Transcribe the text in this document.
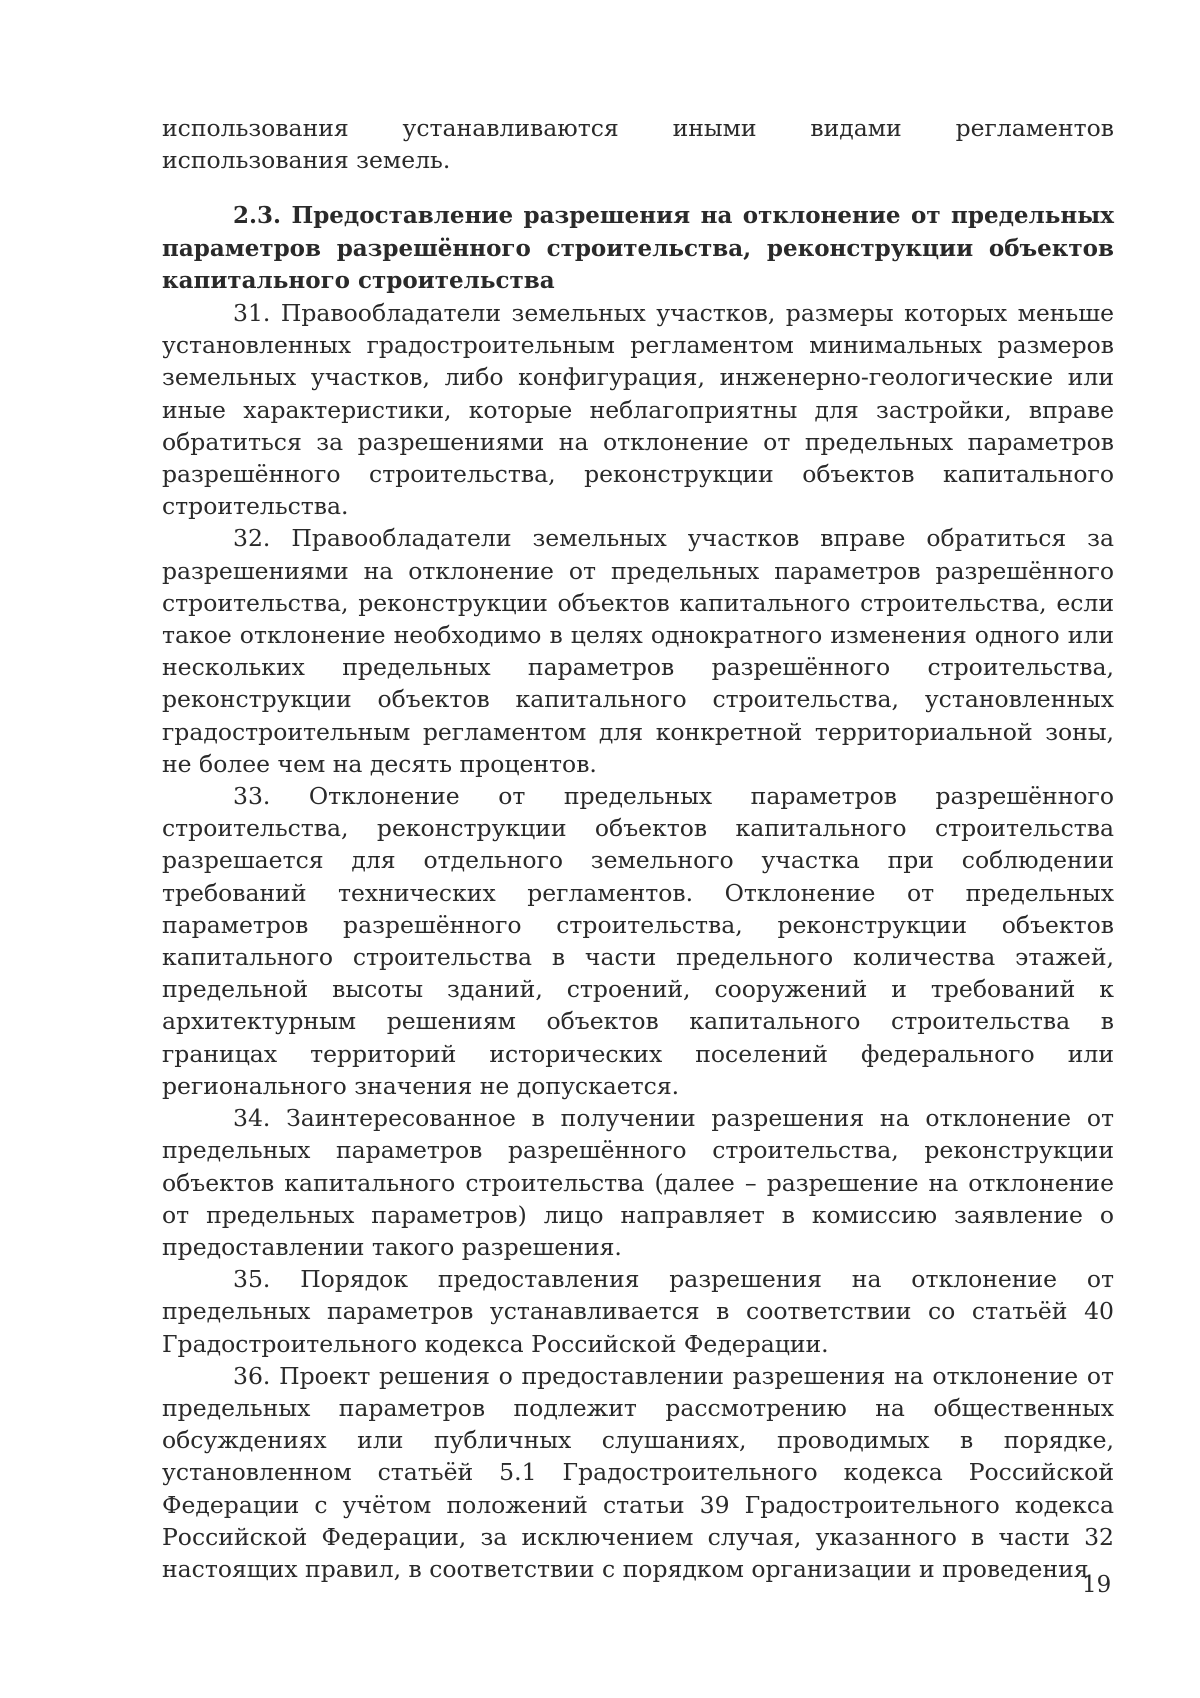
использования устанавливаются иными видами регламентов использования земель.

2.3. Предоставление разрешения на отклонение от предельных параметров разрешённого строительства, реконструкции объектов капитального строительства

31. Правообладатели земельных участков, размеры которых меньше установленных градостроительным регламентом минимальных размеров земельных участков, либо конфигурация, инженерно-геологические или иные характеристики, которые неблагоприятны для застройки, вправе обратиться за разрешениями на отклонение от предельных параметров разрешённого строительства, реконструкции объектов капитального строительства.

32. Правообладатели земельных участков вправе обратиться за разрешениями на отклонение от предельных параметров разрешённого строительства, реконструкции объектов капитального строительства, если такое отклонение необходимо в целях однократного изменения одного или нескольких предельных параметров разрешённого строительства, реконструкции объектов капитального строительства, установленных градостроительным регламентом для конкретной территориальной зоны, не более чем на десять процентов.

33. Отклонение от предельных параметров разрешённого строительства, реконструкции объектов капитального строительства разрешается для отдельного земельного участка при соблюдении требований технических регламентов. Отклонение от предельных параметров разрешённого строительства, реконструкции объектов капитального строительства в части предельного количества этажей, предельной высоты зданий, строений, сооружений и требований к архитектурным решениям объектов капитального строительства в границах территорий исторических поселений федерального или регионального значения не допускается.

34. Заинтересованное в получении разрешения на отклонение от предельных параметров разрешённого строительства, реконструкции объектов капитального строительства (далее – разрешение на отклонение от предельных параметров) лицо направляет в комиссию заявление о предоставлении такого разрешения.

35. Порядок предоставления разрешения на отклонение от предельных параметров устанавливается в соответствии со статьёй 40 Градостроительного кодекса Российской Федерации.

36. Проект решения о предоставлении разрешения на отклонение от предельных параметров подлежит рассмотрению на общественных обсуждениях или публичных слушаниях, проводимых в порядке, установленном статьёй 5.1 Градостроительного кодекса Российской Федерации с учётом положений статьи 39 Градостроительного кодекса Российской Федерации, за исключением случая, указанного в части 32 настоящих правил, в соответствии с порядком организации и проведения

19
